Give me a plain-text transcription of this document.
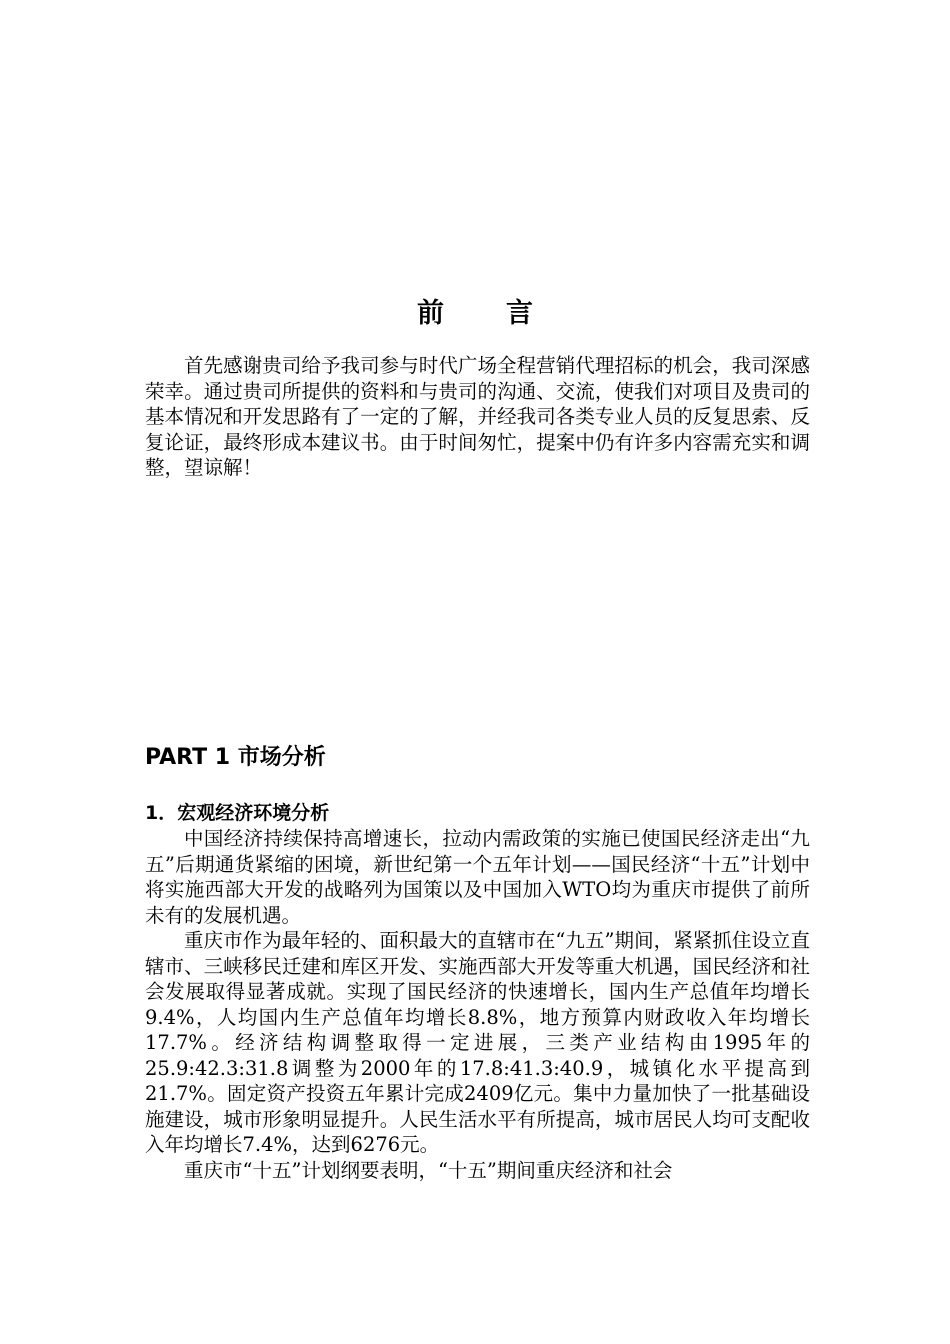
前言

首先感谢贵司给予我司参与时代广场全程营销代理招标的机会，我司深感荣幸。通过贵司所提供的资料和与贵司的沟通、交流，使我们对项目及贵司的基本情况和开发思路有了一定的了解，并经我司各类专业人员的反复思索、反复论证，最终形成本建议书。由于时间匆忙，提案中仍有许多内容需充实和调整，望谅解！

PART 1 市场分析
1．宏观经济环境分析

中国经济持续保持高增速长，拉动内需政策的实施已使国民经济走出“九五”后期通货紧缩的困境，新世纪第一个五年计划——国民经济“十五”计划中将实施西部大开发的战略列为国策以及中国加入WTO均为重庆市提供了前所未有的发展机遇。

重庆市作为最年轻的、面积最大的直辖市在“九五”期间，紧紧抓住设立直辖市、三峡移民迁建和库区开发、实施西部大开发等重大机遇，国民经济和社会发展取得显著成就。实现了国民经济的快速增长，国内生产总值年均增长9.4%，人均国内生产总值年均增长8.8%，地方预算内财政收入年均增长17.7%。经济结构调整取得一定进展，三类产业结构由1995年的25.9:42.3:31.8调整为2000年的17.8:41.3:40.9，城镇化水平提高到21.7%。固定资产投资五年累计完成2409亿元。集中力量加快了一批基础设施建设，城市形象明显提升。人民生活水平有所提高，城市居民人均可支配收入年均增长7.4%，达到6276元。

重庆市“十五”计划纲要表明，“十五”期间重庆经济和社会
